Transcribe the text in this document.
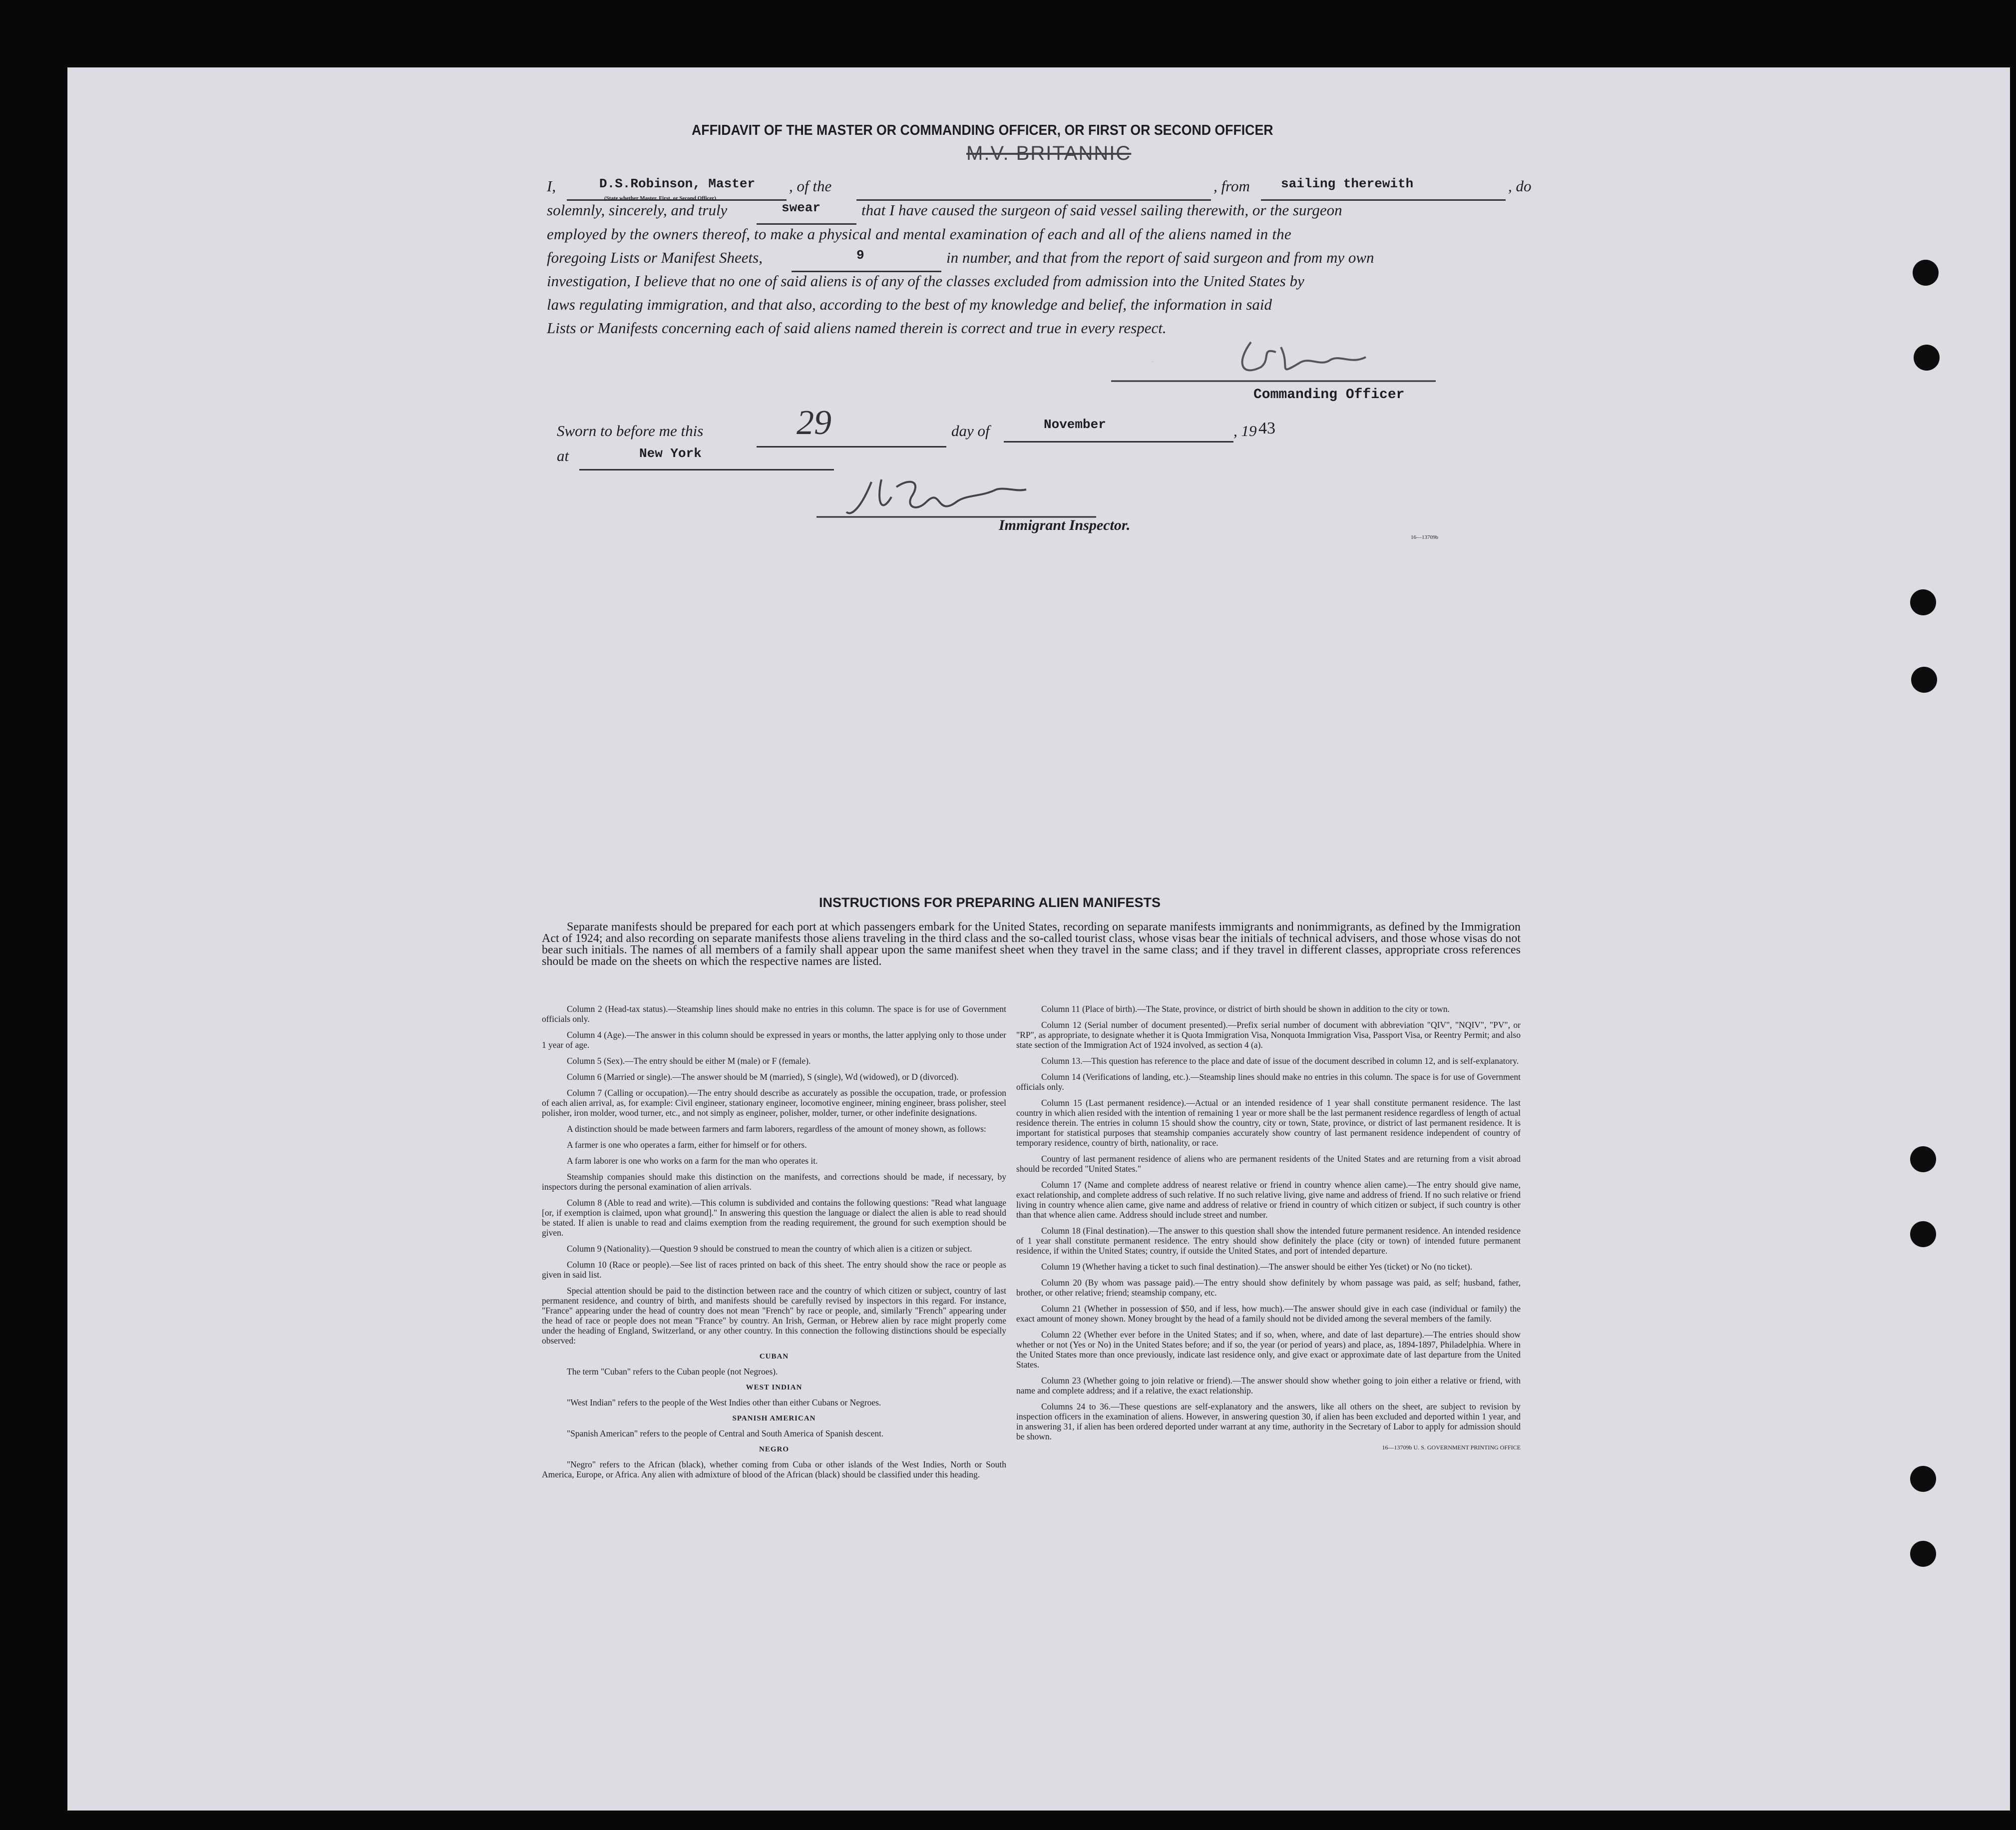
AFFIDAVIT OF THE MASTER OR COMMANDING OFFICER, OR FIRST OR SECOND OFFICER
M.V. BRITANNIC
I,	D.S.Robinson, Master , of the	, from sailing therewith	, do
(State whether Master, First, or Second Officer)
solemnly, sincerely, and truly	swear	that I have caused the surgeon of said vessel sailing therewith, or the surgeon
employed by the owners thereof, to make a physical and mental examination of each and all of the aliens named in the
foregoing Lists or Manifest Sheets,	9	in number, and that from the report of said surgeon and from my own
investigation, I believe that no one of said aliens is of any of the classes excluded from admission into the United States by
laws regulating immigration, and that also, according to the best of my knowledge and belief, the information in said
Lists or Manifests concerning each of said aliens named therein is correct and true in every respect.
D.S.Robinson
Commanding Officer
Sworn to before me this	29	day of	November	, 19 43
at	New York
W Jenks
Immigrant Inspector.
16—13709b
INSTRUCTIONS FOR PREPARING ALIEN MANIFESTS
Separate manifests should be prepared for each port at which passengers embark for the United States, recording on separate manifests immigrants and nonimmigrants, as defined by the Immigration Act of 1924; and also recording on separate manifests those aliens traveling in the third class and the so-called tourist class, whose visas bear the initials of technical advisers, and those whose visas do not bear such initials. The names of all members of a family shall appear upon the same manifest sheet when they travel in the same class; and if they travel in different classes, appropriate cross references should be made on the sheets on which the respective names are listed.

Column 2 (Head-tax status).—Steamship lines should make no entries in this column. The space is for use of Government officials only.

Column 4 (Age).—The answer in this column should be expressed in years or months, the latter applying only to those under 1 year of age.

Column 5 (Sex).—The entry should be either M (male) or F (female).

Column 6 (Married or single).—The answer should be M (married), S (single), Wd (widowed), or D (divorced).

Column 7 (Calling or occupation).—The entry should describe as accurately as possible the occupation, trade, or profession of each alien arrival, as, for example: Civil engineer, stationary engineer, locomotive engineer, mining engineer, brass polisher, steel polisher, iron molder, wood turner, etc., and not simply as engineer, polisher, molder, turner, or other indefinite designations.

A distinction should be made between farmers and farm laborers, regardless of the amount of money shown, as follows:

A farmer is one who operates a farm, either for himself or for others.

A farm laborer is one who works on a farm for the man who operates it.

Steamship companies should make this distinction on the manifests, and corrections should be made, if necessary, by inspectors during the personal examination of alien arrivals.

Column 8 (Able to read and write).—This column is subdivided and contains the following questions: "Read what language [or, if exemption is claimed, upon what ground]." In answering this question the language or dialect the alien is able to read should be stated. If alien is unable to read and claims exemption from the reading requirement, the ground for such exemption should be given.

Column 9 (Nationality).—Question 9 should be construed to mean the country of which alien is a citizen or subject.

Column 10 (Race or people).—See list of races printed on back of this sheet. The entry should show the race or people as given in said list.

Special attention should be paid to the distinction between race and the country of which citizen or subject, country of last permanent residence, and country of birth, and manifests should be carefully revised by inspectors in this regard. For instance, "France" appearing under the head of country does not mean "French" by race or people, and, similarly "French" appearing under the head of race or people does not mean "France" by country. An Irish, German, or Hebrew alien by race might properly come under the heading of England, Switzerland, or any other country. In this connection the following distinctions should be especially observed:

CUBAN

The term "Cuban" refers to the Cuban people (not Negroes).

WEST INDIAN

"West Indian" refers to the people of the West Indies other than either Cubans or Negroes.

SPANISH AMERICAN

"Spanish American" refers to the people of Central and South America of Spanish descent.

NEGRO

"Negro" refers to the African (black), whether coming from Cuba or other islands of the West Indies, North or South America, Europe, or Africa. Any alien with admixture of blood of the African (black) should be classified under this heading.

Column 11 (Place of birth).—The State, province, or district of birth should be shown in addition to the city or town.

Column 12 (Serial number of document presented).—Prefix serial number of document with abbreviation "QIV", "NQIV", "PV", or "RP", as appropriate, to designate whether it is Quota Immigration Visa, Nonquota Immigration Visa, Passport Visa, or Reentry Permit; and also state section of the Immigration Act of 1924 involved, as section 4 (a).

Column 13.—This question has reference to the place and date of issue of the document described in column 12, and is self-explanatory.

Column 14 (Verifications of landing, etc.).—Steamship lines should make no entries in this column. The space is for use of Government officials only.

Column 15 (Last permanent residence).—Actual or an intended residence of 1 year shall constitute permanent residence. The last country in which alien resided with the intention of remaining 1 year or more shall be the last permanent residence regardless of length of actual residence therein. The entries in column 15 should show the country, city or town, State, province, or district of last permanent residence. It is important for statistical purposes that steamship companies accurately show country of last permanent residence independent of country of temporary residence, country of birth, nationality, or race.

Country of last permanent residence of aliens who are permanent residents of the United States and are returning from a visit abroad should be recorded "United States."

Column 17 (Name and complete address of nearest relative or friend in country whence alien came).—The entry should give name, exact relationship, and complete address of such relative. If no such relative living, give name and address of friend. If no such relative or friend living in country whence alien came, give name and address of relative or friend in country of which citizen or subject, if such country is other than that whence alien came. Address should include street and number.

Column 18 (Final destination).—The answer to this question shall show the intended future permanent residence. An intended residence of 1 year shall constitute permanent residence. The entry should show definitely the place (city or town) of intended future permanent residence, if within the United States; country, if outside the United States, and port of intended departure.

Column 19 (Whether having a ticket to such final destination).—The answer should be either Yes (ticket) or No (no ticket).

Column 20 (By whom was passage paid).—The entry should show definitely by whom passage was paid, as self; husband, father, brother, or other relative; friend; steamship company, etc.

Column 21 (Whether in possession of $50, and if less, how much).—The answer should give in each case (individual or family) the exact amount of money shown. Money brought by the head of a family should not be divided among the several members of the family.

Column 22 (Whether ever before in the United States; and if so, when, where, and date of last departure).—The entries should show whether or not (Yes or No) in the United States before; and if so, the year (or period of years) and place, as, 1894-1897, Philadelphia. Where in the United States more than once previously, indicate last residence only, and give exact or approximate date of last departure from the United States.

Column 23 (Whether going to join relative or friend).—The answer should show whether going to join either a relative or friend, with name and complete address; and if a relative, the exact relationship.

Columns 24 to 36.—These questions are self-explanatory and the answers, like all others on the sheet, are subject to revision by inspection officers in the examination of aliens. However, in answering question 30, if alien has been excluded and deported within 1 year, and in answering 31, if alien has been ordered deported under warrant at any time, authority in the Secretary of Labor to apply for admission should be shown.

16—13709b U. S. GOVERNMENT PRINTING OFFICE
